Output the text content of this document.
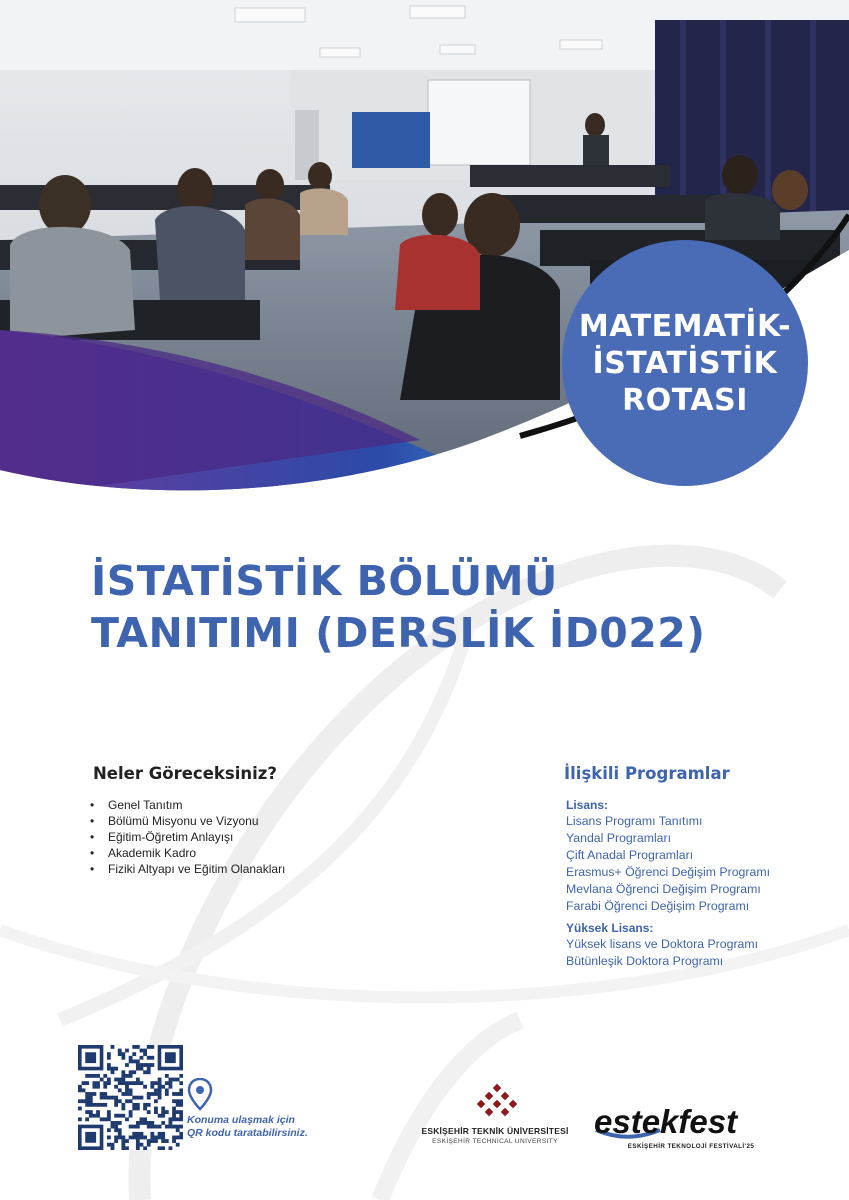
MATEMATİK-
İSTATİSTİK
ROTASI
İSTATİSTİK BÖLÜMÜ
TANITIMI (DERSLİK İD022)
Neler Göreceksiniz?
• Genel Tanıtım
• Bölümü Misyonu ve Vizyonu
• Eğitim-Öğretim Anlayışı
• Akademik Kadro
• Fiziki Altyapı ve Eğitim Olanakları
İlişkili Programlar
Lisans:
Lisans Programı Tanıtımı
Yandal Programları
Çift Anadal Programları
Erasmus+ Öğrenci Değişim Programı
Mevlana Öğrenci Değişim Programı
Farabi Öğrenci Değişim Programı
Yüksek Lisans:
Yüksek lisans ve Doktora Programı
Bütünleşik Doktora Programı
Konuma ulaşmak için
QR kodu taratabilirsiniz.	ESKİŞEHİR TEKNİK ÜNİVERSİTESİ
ESKİŞEHİR TECHNICAL UNIVERSITY
estekfest
ESKİŞEHİR TEKNOLOJİ FESTİVALİ'25
